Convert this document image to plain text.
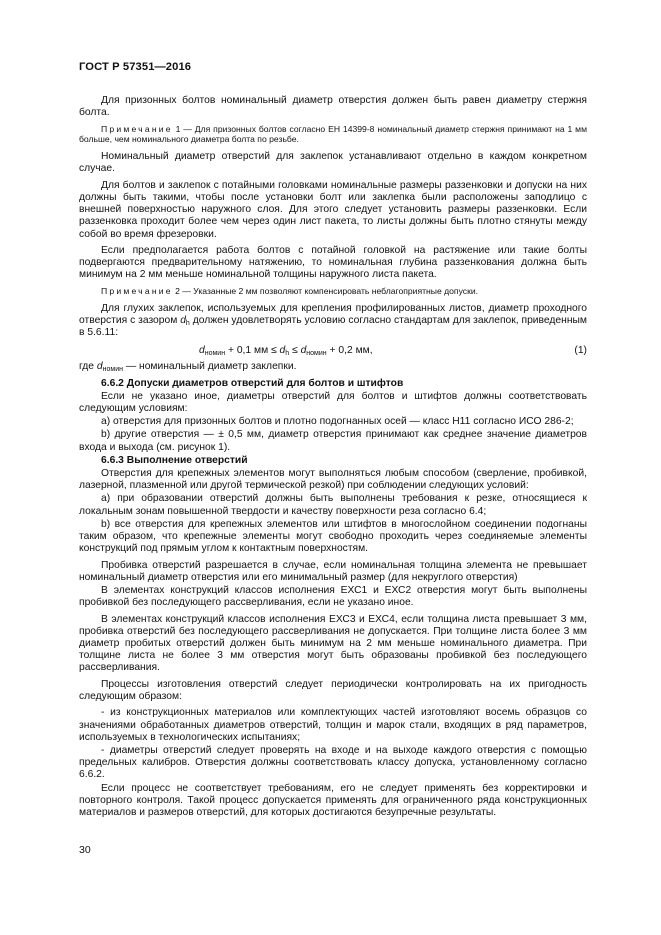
ГОСТ Р 57351—2016

Для призонных болтов номинальный диаметр отверстия должен быть равен диаметру стержня болта.

Примечание 1 — Для призонных болтов согласно ЕН 14399-8 номинальный диаметр стержня принимают на 1 мм больше, чем номинального диаметра болта по резьбе.

Номинальный диаметр отверстий для заклепок устанавливают отдельно в каждом конкретном случае.

Для болтов и заклепок с потайными головками номинальные размеры раззенковки и допуски на них должны быть такими, чтобы после установки болт или заклепка были расположены заподлицо с внешней поверхностью наружного слоя. Для этого следует установить размеры раззенковки. Если раззенковка проходит более чем через один лист пакета, то листы должны быть плотно стянуты между собой во время фрезеровки.

Если предполагается работа болтов с потайной головкой на растяжение или такие болты подвергаются предварительному натяжению, то номинальная глубина раззенкования должна быть минимум на 2 мм меньше номинальной толщины наружного листа пакета.

Примечание 2 — Указанные 2 мм позволяют компенсировать неблагоприятные допуски.

Для глухих заклепок, используемых для крепления профилированных листов, диаметр проходного отверстия с зазором $d_h$ должен удовлетворять условию согласно стандартам для заклепок, приведенным в 5.6.11:

$d_{номин} + 0,1$ мм ≤ $d_h \le d_{номин} + 0,2$ мм,	(1)

где $d_{номин}$ — номинальный диаметр заклепки.

6.6.2 Допуски диаметров отверстий для болтов и штифтов

Если не указано иное, диаметры отверстий для болтов и штифтов должны соответствовать следующим условиям:

a) отверстия для призонных болтов и плотно подогнанных осей — класс Н11 согласно ИСО 286-2;

b) другие отверстия — ± 0,5 мм, диаметр отверстия принимают как среднее значение диаметров входа и выхода (см. рисунок 1).

6.6.3 Выполнение отверстий

Отверстия для крепежных элементов могут выполняться любым способом (сверление, пробивкой, лазерной, плазменной или другой термической резкой) при соблюдении следующих условий:

а) при образовании отверстий должны быть выполнены требования к резке, относящиеся к локальным зонам повышенной твердости и качеству поверхности реза согласно 6.4;

b) все отверстия для крепежных элементов или штифтов в многослойном соединении подогнаны таким образом, что крепежные элементы могут свободно проходить через соединяемые элементы конструкций под прямым углом к контактным поверхностям.

Пробивка отверстий разрешается в случае, если номинальная толщина элемента не превышает номинальный диаметр отверстия или его минимальный размер (для некруглого отверстия)

В элементах конструкций классов исполнения ЕХС1 и ЕХС2 отверстия могут быть выполнены пробивкой без последующего рассверливания, если не указано иное.

В элементах конструкций классов исполнения ЕХС3 и ЕХС4, если толщина листа превышает 3 мм, пробивка отверстий без последующего рассверливания не допускается. При толщине листа более 3 мм диаметр пробитых отверстий должен быть минимум на 2 мм меньше номинального диаметра. При толщине листа не более 3 мм отверстия могут быть образованы пробивкой без последующего рассверливания.

Процессы изготовления отверстий следует периодически контролировать на их пригодность следующим образом:

- из конструкционных материалов или комплектующих частей изготовляют восемь образцов со значениями обработанных диаметров отверстий, толщин и марок стали, входящих в ряд параметров, используемых в технологических испытаниях;

- диаметры отверстий следует проверять на входе и на выходе каждого отверстия с помощью предельных калибров. Отверстия должны соответствовать классу допуска, установленному согласно 6.6.2.

Если процесс не соответствует требованиям, его не следует применять без корректировки и повторного контроля. Такой процесс допускается применять для ограниченного ряда конструкционных материалов и размеров отверстий, для которых достигаются безупречные результаты.

30
